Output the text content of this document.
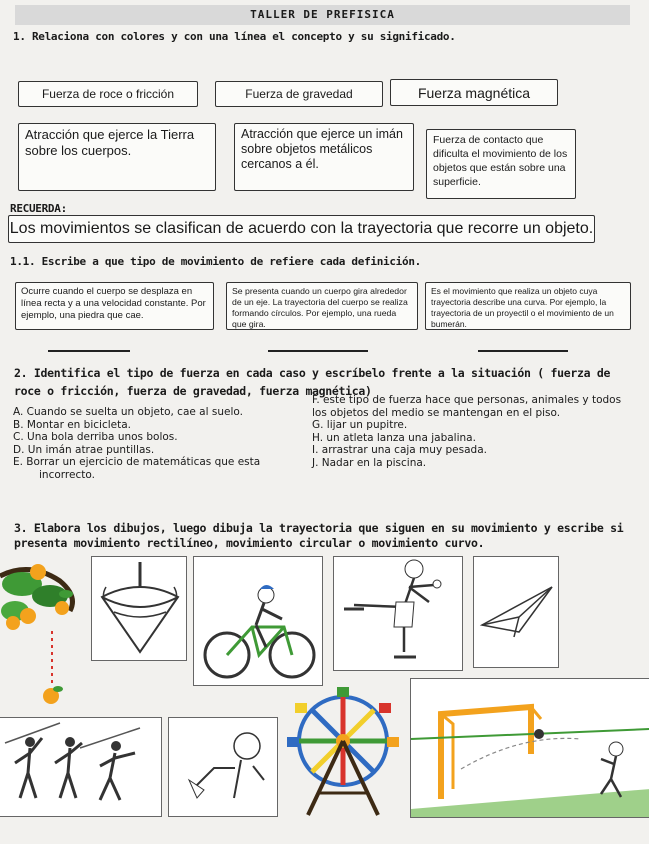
TALLER DE PREFISICA
1. Relaciona con colores y con una línea el concepto y su significado.
Fuerza de roce o fricción	Fuerza de gravedad	Fuerza magnética
Atracción que ejerce la Tierra sobre los cuerpos.
Atracción que ejerce un imán sobre objetos metálicos cercanos a él.
Fuerza de contacto que dificulta el movimiento de los objetos que están sobre una superficie.
RECUERDA:
Los movimientos se clasifican de acuerdo con la trayectoria que recorre un objeto.
1.1. Escribe a que tipo de movimiento de refiere cada definición.
Ocurre cuando el cuerpo se desplaza en línea recta y a una velocidad constante. Por ejemplo, una piedra que cae.
Se presenta cuando un cuerpo gira alrededor de un eje. La trayectoria del cuerpo se realiza formando círculos. Por ejemplo, una rueda que gira.
Es el movimiento que realiza un objeto cuya trayectoria describe una curva. Por ejemplo, la trayectoria de un proyectil o el movimiento de un bumerán.
2. Identifica el tipo de fuerza en cada caso y escríbelo frente a la situación ( fuerza de roce o fricción, fuerza de gravedad, fuerza magnética)
A. Cuando se suelta un objeto, cae al suelo.
B. Montar en bicicleta.
C. Una bola derriba unos bolos.
D. Un imán atrae puntillas.
E. Borrar un ejercicio de matemáticas que esta incorrecto.
F. este tipo de fuerza hace que personas, animales y todos los objetos del medio se mantengan en el piso.
G. lijar un pupitre.
H. un atleta lanza una jabalina.
I. arrastrar una caja muy pesada.
J. Nadar en la piscina.
3. Elabora los dibujos, luego dibuja la trayectoria que siguen en su movimiento y escribe si presenta movimiento rectilíneo, movimiento circular o movimiento curvo.
